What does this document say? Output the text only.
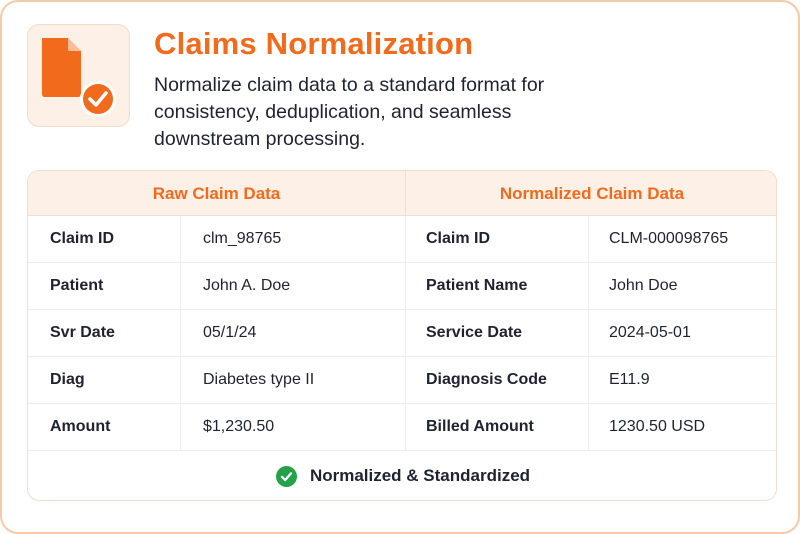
Claims Normalization
Normalize claim data to a standard format for consistency, deduplication, and seamless downstream processing.
Raw Claim Data	Normalized Claim Data
Claim ID	clm_98765	Claim ID	CLM-000098765
Patient	John A. Doe	Patient Name	John Doe
Svr Date	05/1/24	Service Date	2024-05-01
Diag	Diabetes type II	Diagnosis Code	E11.9
Amount	$1,230.50	Billed Amount	1230.50 USD
Normalized & Standardized
